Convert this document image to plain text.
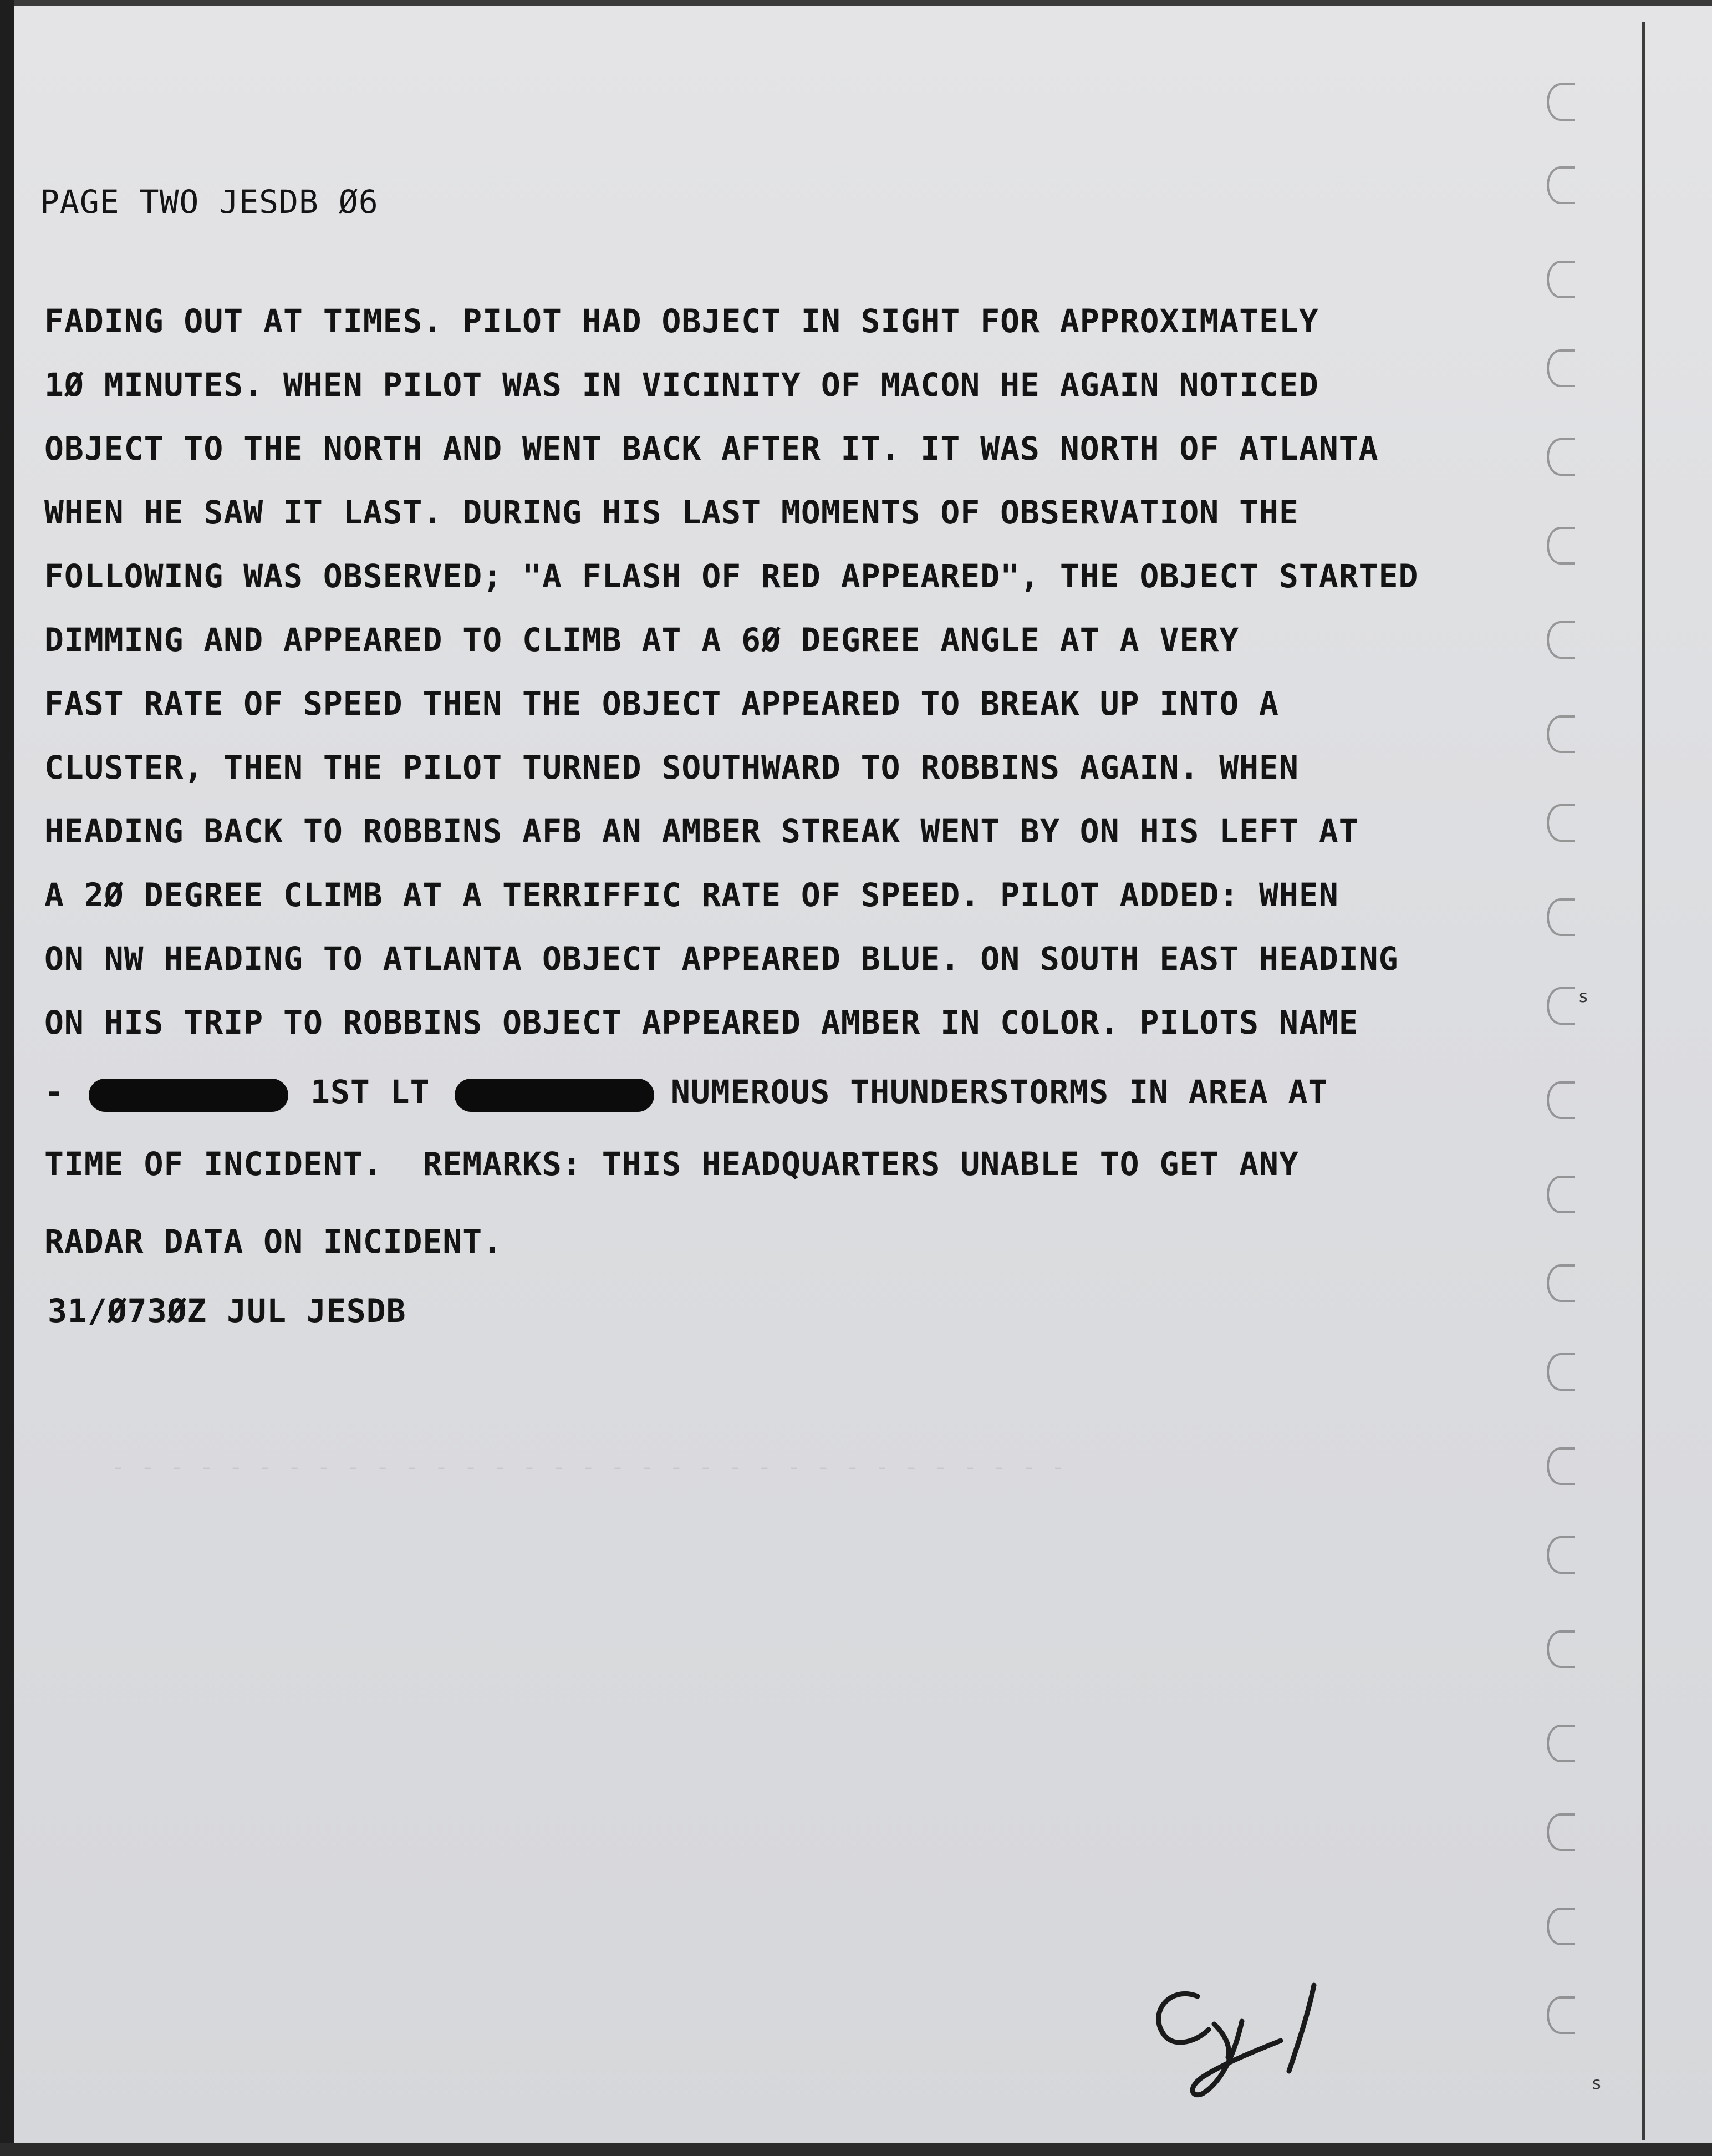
PAGE TWO JESDB Ø6
FADING OUT AT TIMES. PILOT HAD OBJECT IN SIGHT FOR APPROXIMATELY
1Ø MINUTES. WHEN PILOT WAS IN VICINITY OF MACON HE AGAIN NOTICED
OBJECT TO THE NORTH AND WENT BACK AFTER IT. IT WAS NORTH OF ATLANTA
WHEN HE SAW IT LAST. DURING HIS LAST MOMENTS OF OBSERVATION THE
FOLLOWING WAS OBSERVED; "A FLASH OF RED APPEARED", THE OBJECT STARTED
DIMMING AND APPEARED TO CLIMB AT A 6Ø DEGREE ANGLE AT A VERY
FAST RATE OF SPEED THEN THE OBJECT APPEARED TO BREAK UP INTO A
CLUSTER, THEN THE PILOT TURNED SOUTHWARD TO ROBBINS AGAIN. WHEN
HEADING BACK TO ROBBINS AFB AN AMBER STREAK WENT BY ON HIS LEFT AT
A 2Ø DEGREE CLIMB AT A TERRIFFIC RATE OF SPEED. PILOT ADDED: WHEN
ON NW HEADING TO ATLANTA OBJECT APPEARED BLUE. ON SOUTH EAST HEADING
ON HIS TRIP TO ROBBINS OBJECT APPEARED AMBER IN COLOR. PILOTS NAME
-	1ST LT	NUMEROUS THUNDERSTORMS IN AREA AT
TIME OF INCIDENT.  REMARKS: THIS HEADQUARTERS UNABLE TO GET ANY
RADAR DATA ON INCIDENT.
31/Ø73ØZ JUL JESDB
- - - - - - - - - - - - - - - - - - - - - - - - - - - - - - - - -
s
s
